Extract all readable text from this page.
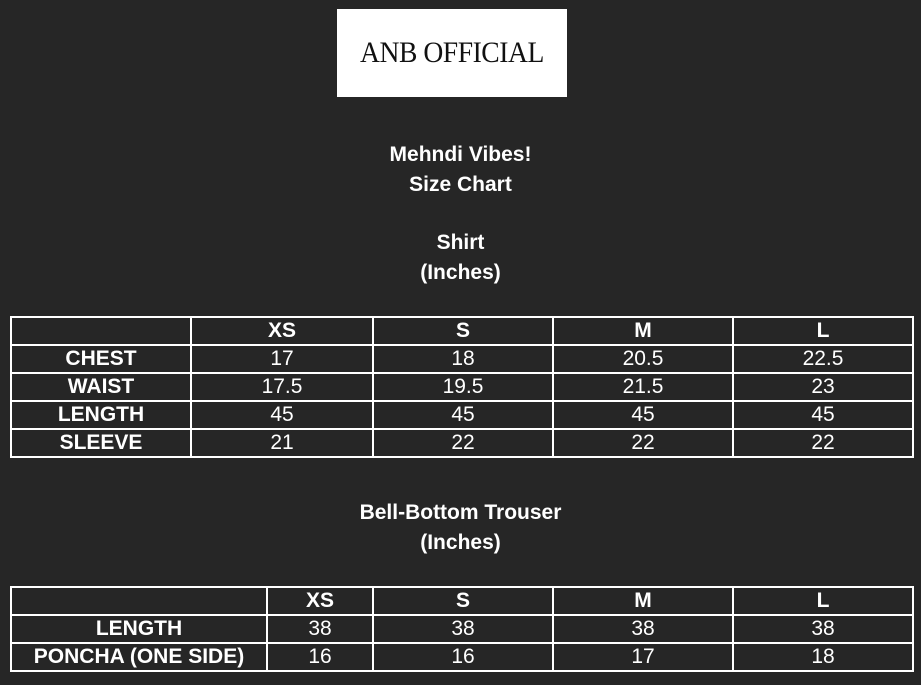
ANB OFFICIAL
Mehndi Vibes!
Size Chart
Shirt
(Inches)
	XS	S	M	L
CHEST	17	18	20.5	22.5
WAIST	17.5	19.5	21.5	23
LENGTH	45	45	45	45
SLEEVE	21	22	22	22
Bell-Bottom Trouser
(Inches)
	XS	S	M	L
LENGTH	38	38	38	38
PONCHA (ONE SIDE)	16	16	17	18
